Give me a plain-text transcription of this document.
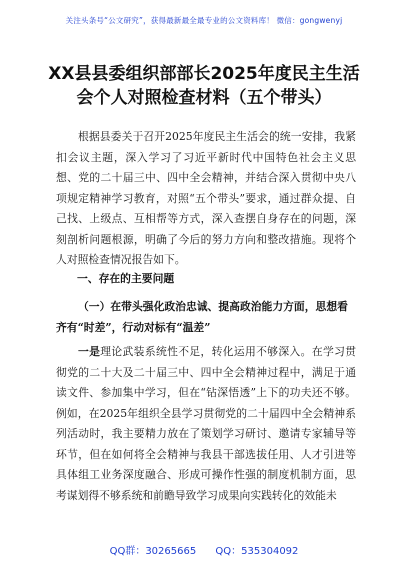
关注头条号“公文研究”，获得最新最全最专业的公文资料库！ 微信：gongwenyj
XX县县委组织部部长2025年度民主生活
会个人对照检查材料（五个带头）
根据县委关于召开2025年度民主生活会的统一安排，我紧扣会议主题，深入学习了习近平新时代中国特色社会主义思想、党的二十届三中、四中全会精神，并结合深入贯彻中央八项规定精神学习教育，对照“五个带头”要求，通过群众提、自己找、上级点、互相帮等方式，深入查摆自身存在的问题，深刻剖析问题根源，明确了今后的努力方向和整改措施。现将个人对照检查情况报告如下。
一、存在的主要问题
（一）在带头强化政治忠诚、提高政治能力方面，思想看齐有“时差”，行动对标有“温差”
一是理论武装系统性不足，转化运用不够深入。在学习贯彻党的二十大及二十届三中、四中全会精神过程中，满足于通读文件、参加集中学习，但在“钻深悟透”上下的功夫还不够。例如，在2025年组织全县学习贯彻党的二十届四中全会精神系列活动时，我主要精力放在了策划学习研讨、邀请专家辅导等环节，但在如何将全会精神与我县干部选拔任用、人才引进等具体组工业务深度融合、形成可操作性强的制度机制方面，思考谋划得不够系统和前瞻导致学习成果向实践转化的效能未
QQ群：30265665 QQ：535304092
